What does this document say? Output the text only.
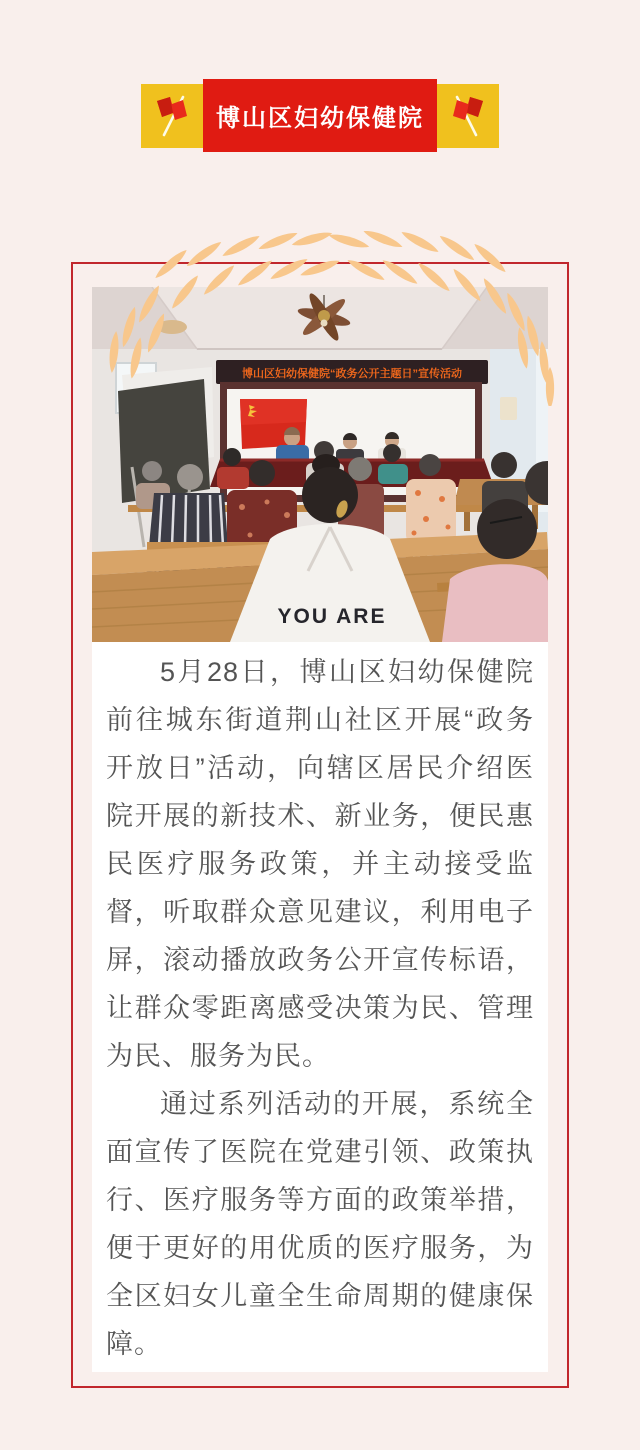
博山区妇幼保健院
博山区妇幼保健院“政务公开主题日”宣传活动
YOU ARE

5月28日，博山区妇幼保健院前往城东街道荆山社区开展“政务开放日”活动，向辖区居民介绍医院开展的新技术、新业务，便民惠民医疗服务政策，并主动接受监督，听取群众意见建议，利用电子屏，滚动播放政务公开宣传标语，让群众零距离感受决策为民、管理为民、服务为民。

通过系列活动的开展，系统全面宣传了医院在党建引领、政策执行、医疗服务等方面的政策举措，便于更好的用优质的医疗服务，为全区妇女儿童全生命周期的健康保障。
